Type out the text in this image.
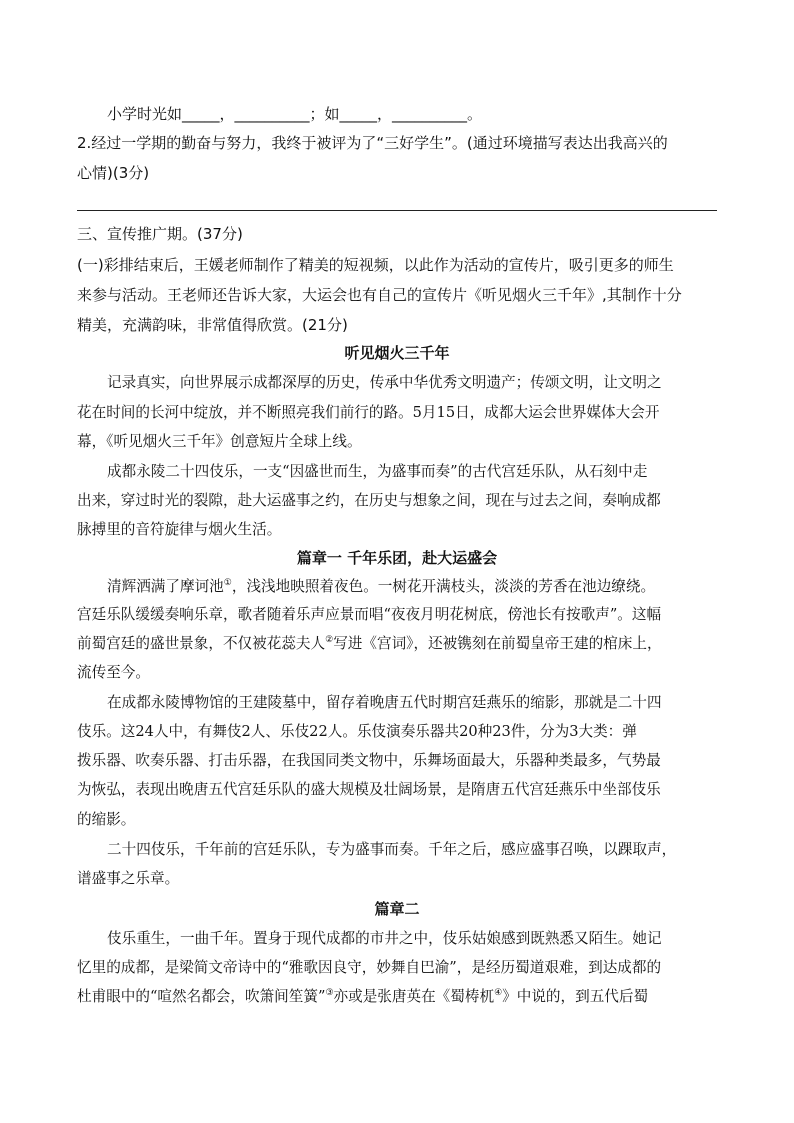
小学时光如_____，__________；如_____，__________。
2.经过一学期的勤奋与努力，我终于被评为了“三好学生”。(通过环境描写表达出我高兴的
心情)(3分)
三、宣传推广期。(37分)
(一)彩排结束后，王媛老师制作了精美的短视频，以此作为活动的宣传片，吸引更多的师生
来参与活动。王老师还告诉大家，大运会也有自己的宣传片《听见烟火三千年》,其制作十分
精美，充满韵味，非常值得欣赏。(21分)
听见烟火三千年
记录真实，向世界展示成都深厚的历史，传承中华优秀文明遗产；传颂文明，让文明之
花在时间的长河中绽放，并不断照亮我们前行的路。5月15日，成都大运会世界媒体大会开
幕，《听见烟火三千年》创意短片全球上线。
成都永陵二十四伎乐，一支“因盛世而生，为盛事而奏”的古代宫廷乐队，从石刻中走
出来，穿过时光的裂隙，赴大运盛事之约，在历史与想象之间，现在与过去之间，奏响成都
脉搏里的音符旋律与烟火生活。
篇章一 千年乐团，赴大运盛会
清辉洒满了摩诃池①，浅浅地映照着夜色。一树花开满枝头，淡淡的芳香在池边缭绕。
宫廷乐队缓缓奏响乐章，歌者随着乐声应景而唱“夜夜月明花树底，傍池长有按歌声”。这幅
前蜀宫廷的盛世景象，不仅被花蕊夫人②写进《宫词》，还被镌刻在前蜀皇帝王建的棺床上，
流传至今。
在成都永陵博物馆的王建陵墓中，留存着晚唐五代时期宫廷燕乐的缩影，那就是二十四
伎乐。这24人中，有舞伎2人、乐伎22人。乐伎演奏乐器共20种23件，分为3大类：弹
拨乐器、吹奏乐器、打击乐器，在我国同类文物中，乐舞场面最大，乐器种类最多，气势最
为恢弘，表现出晚唐五代宫廷乐队的盛大规模及壮阔场景，是隋唐五代宫廷燕乐中坐部伎乐
的缩影。
二十四伎乐，千年前的宫廷乐队，专为盛事而奏。千年之后，感应盛事召唤，以踝取声，
谱盛事之乐章。
篇章二
伎乐重生，一曲千年。置身于现代成都的市井之中，伎乐姑娘感到既熟悉又陌生。她记
忆里的成都，是梁简文帝诗中的“雅歌因良守，妙舞自巴渝”，是经历蜀道艰难，到达成都的
杜甫眼中的“喧然名都会，吹箫间笙簧”③亦或是张唐英在《蜀梼杌④》中说的，到五代后蜀
